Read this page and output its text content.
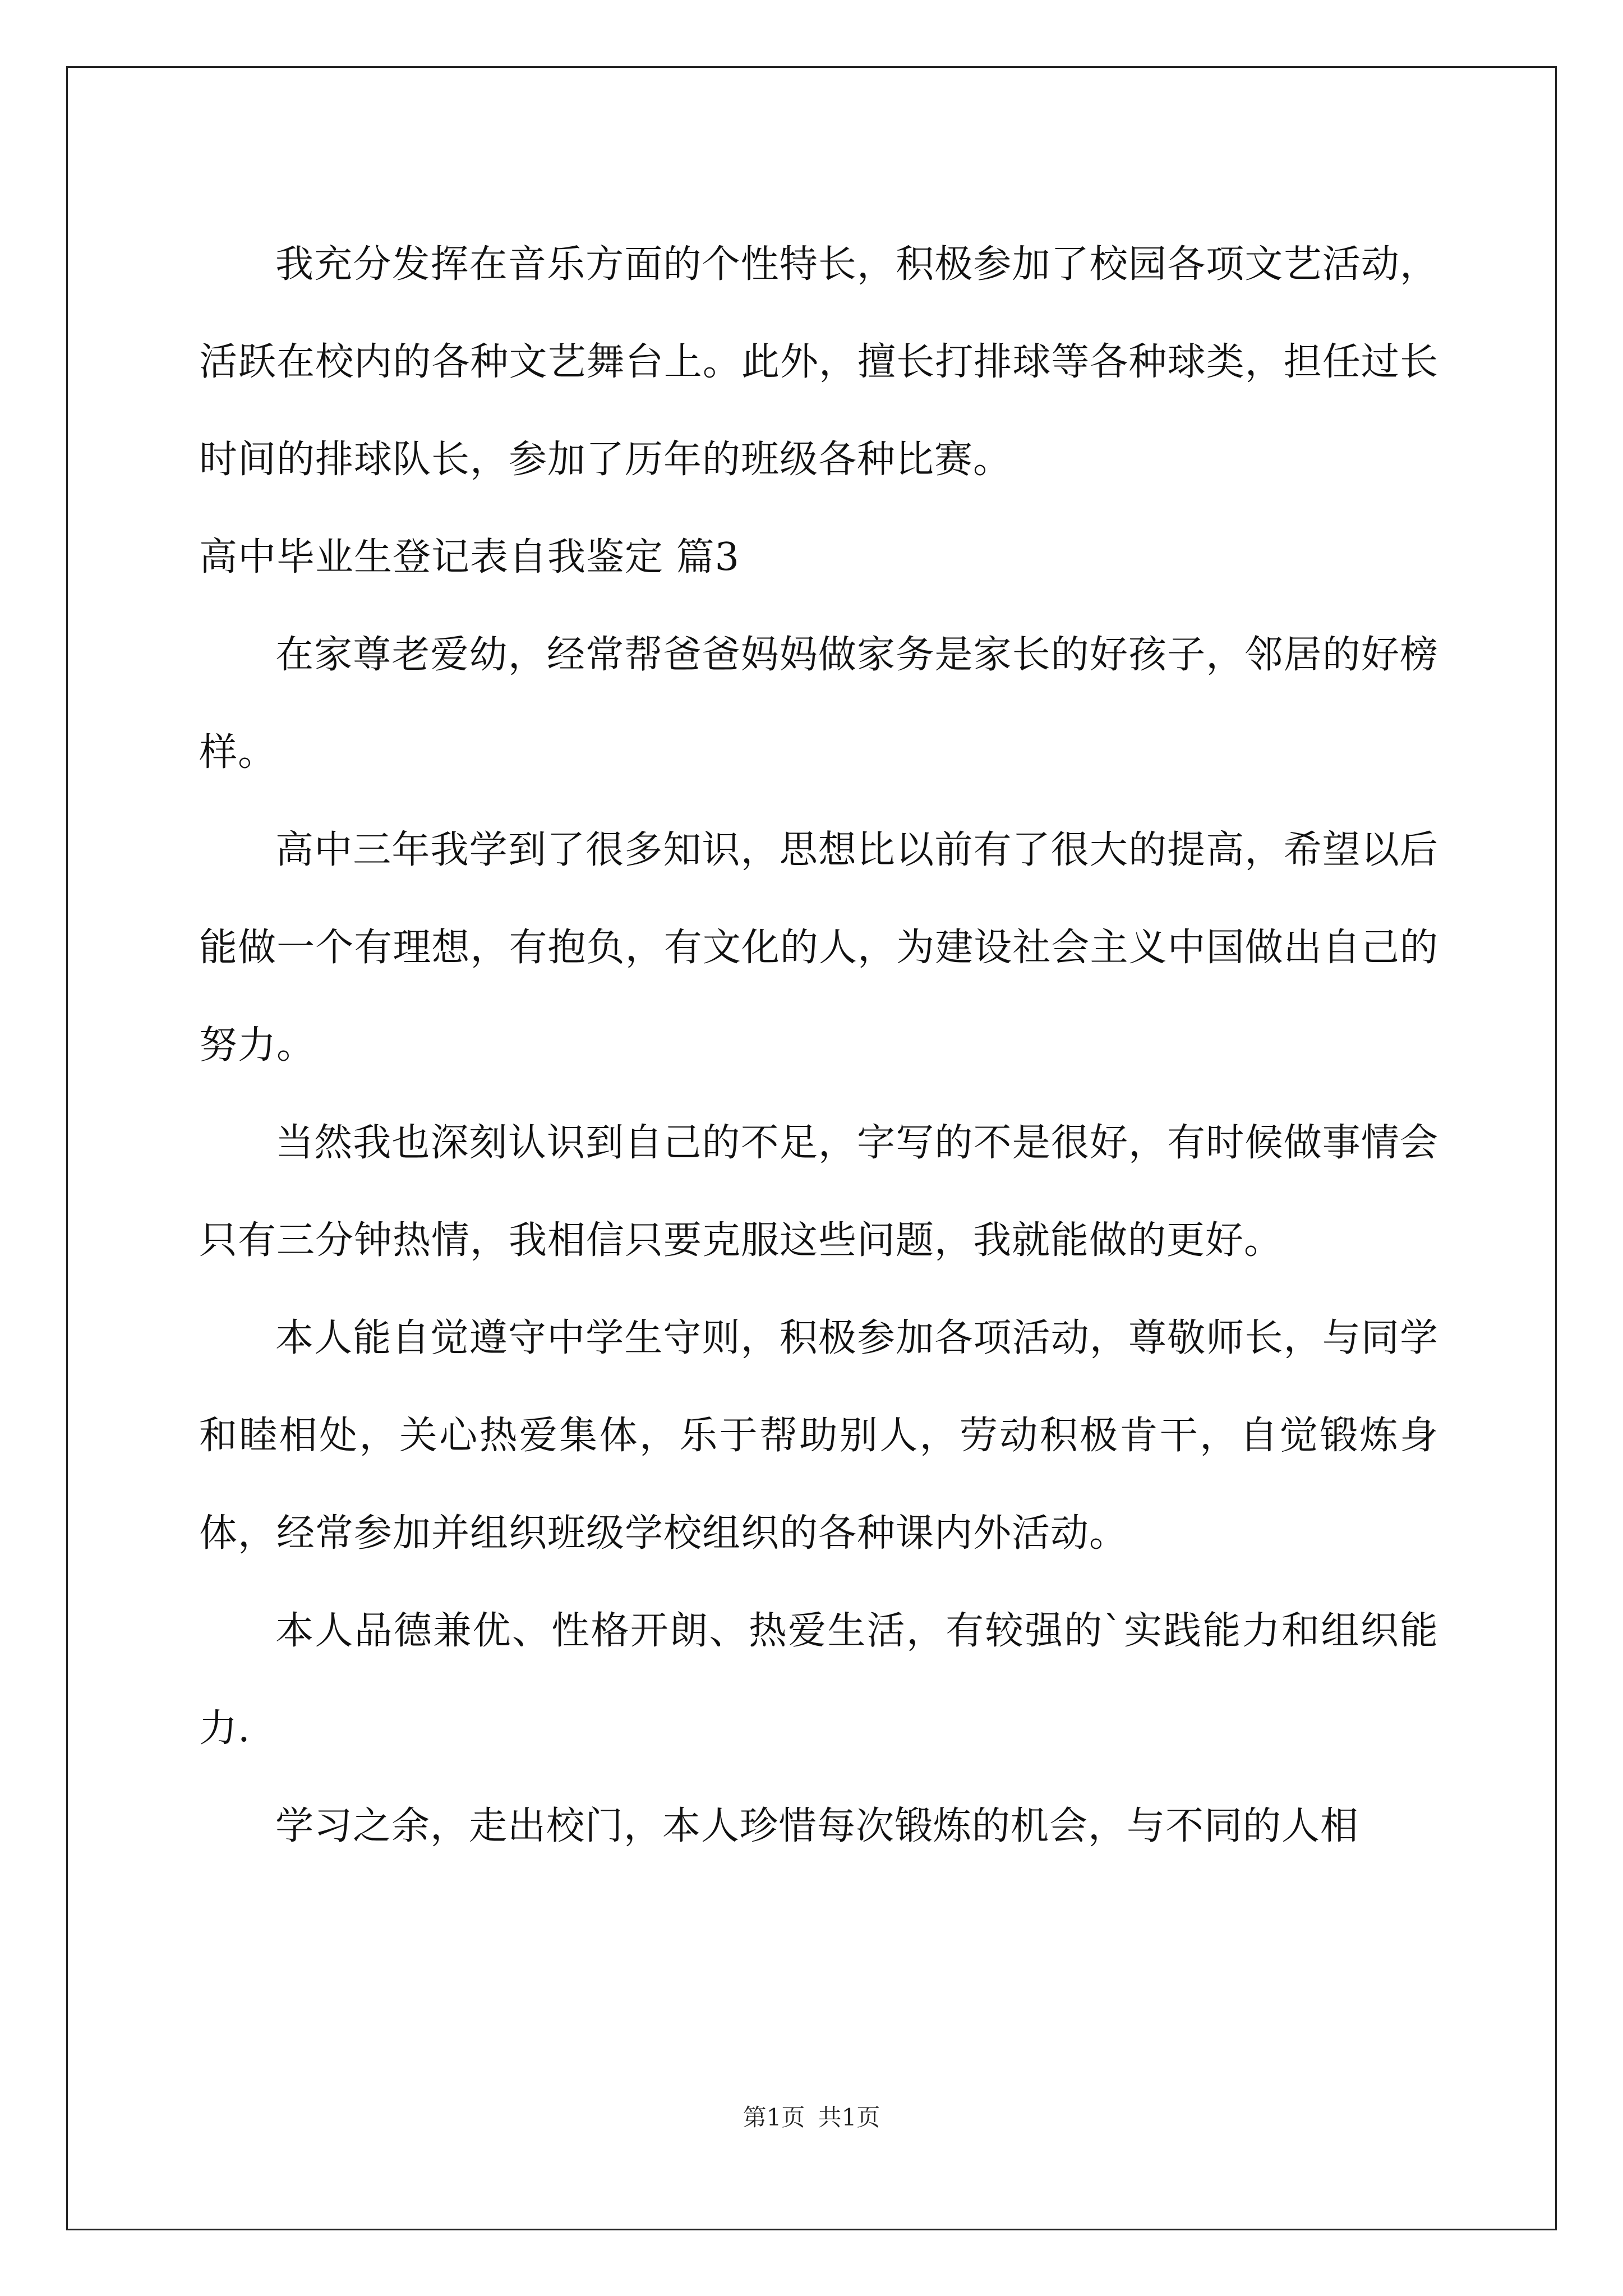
我充分发挥在音乐方面的个性特长，积极参加了校园各项文艺活动，活跃在校内的各种文艺舞台上。此外，擅长打排球等各种球类，担任过长时间的排球队长，参加了历年的班级各种比赛。

高中毕业生登记表自我鉴定 篇3

在家尊老爱幼，经常帮爸爸妈妈做家务是家长的好孩子，邻居的好榜样。

高中三年我学到了很多知识，思想比以前有了很大的提高，希望以后能做一个有理想，有抱负，有文化的人，为建设社会主义中国做出自己的努力。

当然我也深刻认识到自己的不足，字写的不是很好，有时候做事情会只有三分钟热情，我相信只要克服这些问题，我就能做的更好。

本人能自觉遵守中学生守则，积极参加各项活动，尊敬师长，与同学和睦相处，关心热爱集体，乐于帮助别人，劳动积极肯干，自觉锻炼身体，经常参加并组织班级学校组织的各种课内外活动。

本人品德兼优、性格开朗、热爱生活，有较强的`实践能力和组织能力.

学习之余，走出校门，本人珍惜每次锻炼的机会，与不同的人相

第1页 共1页
